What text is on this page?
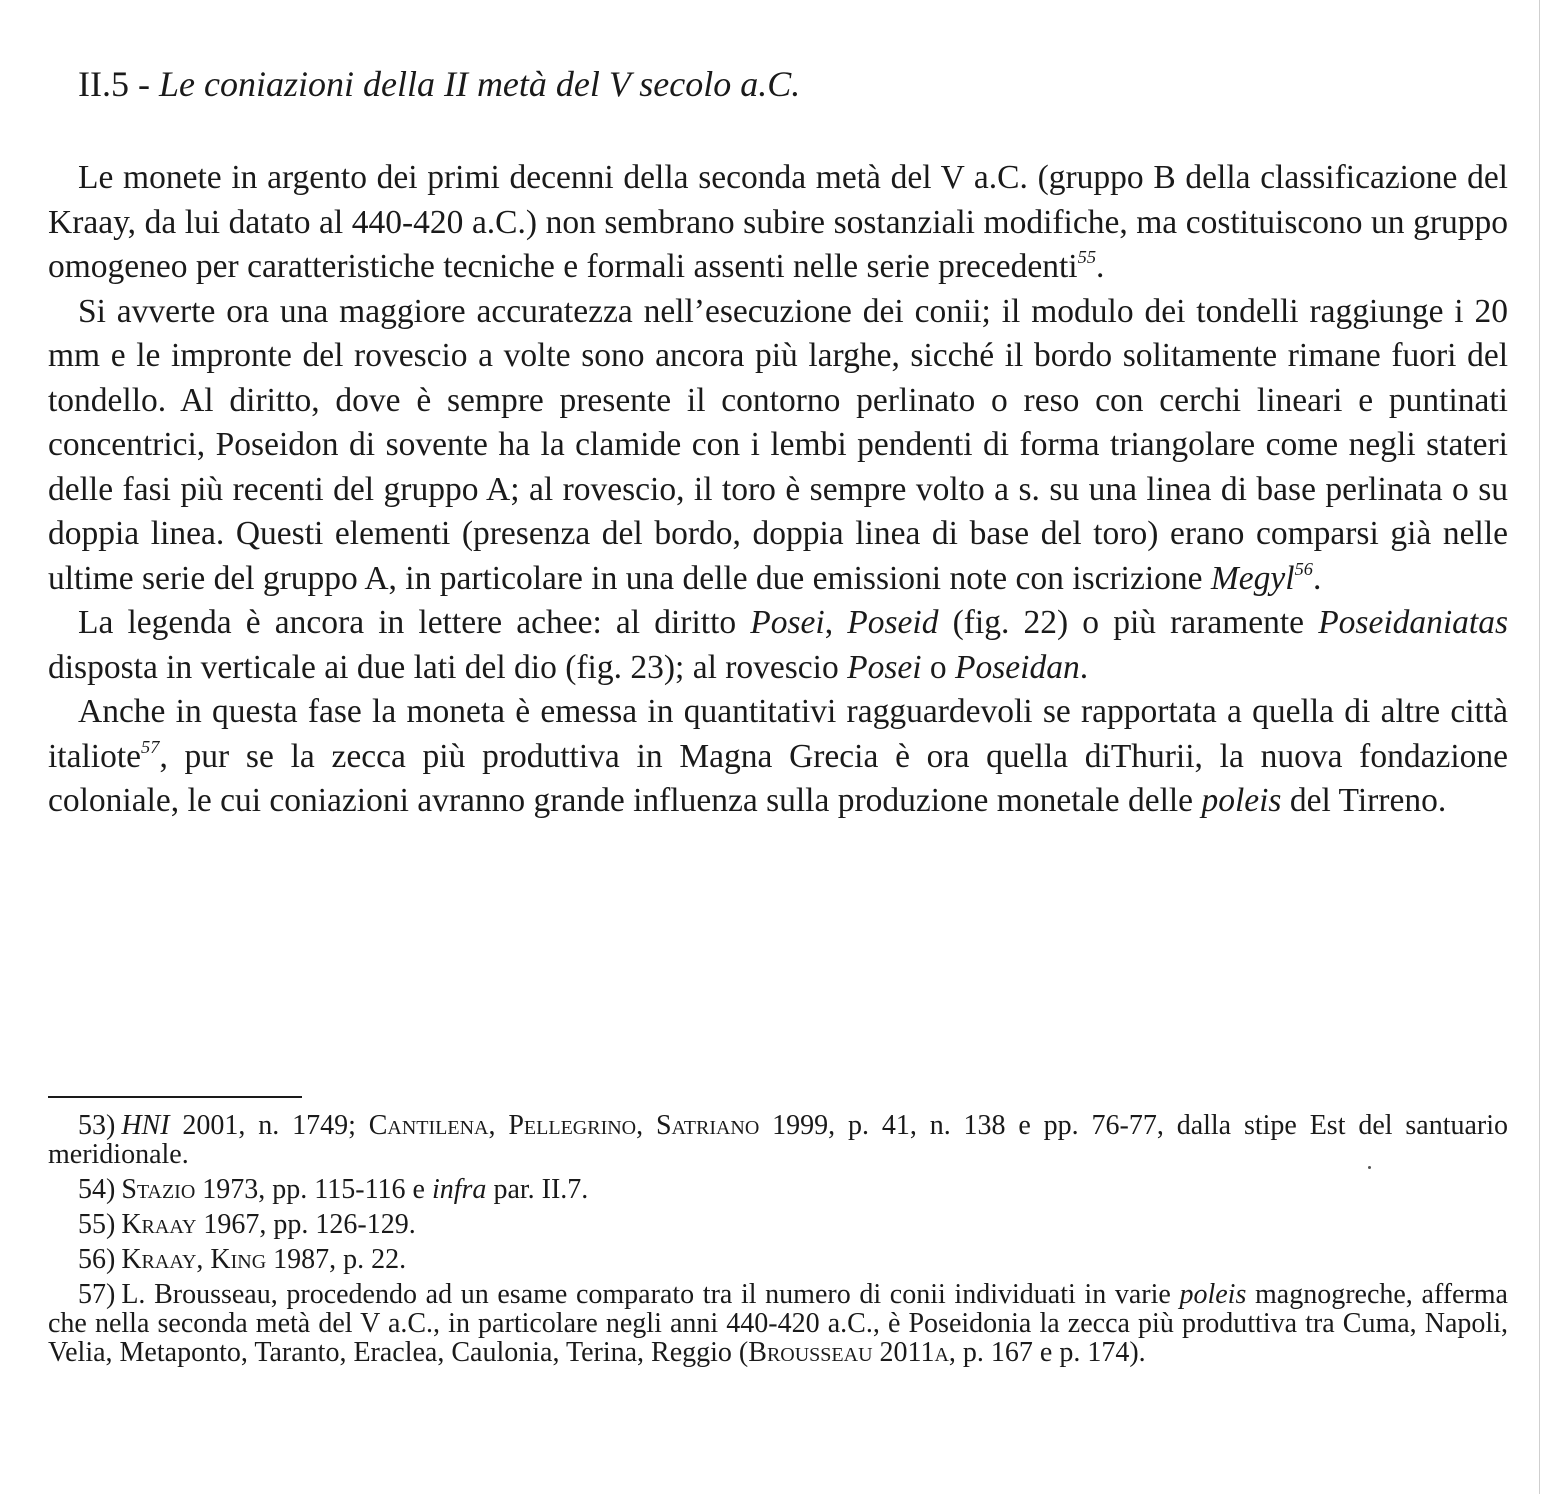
II.5 - Le coniazioni della II metà del V secolo a.C.

Le monete in argento dei primi decenni della seconda metà del V a.C. (gruppo B della classificazione del Kraay, da lui datato al 440-420 a.C.) non sembrano subire sostanziali modifiche, ma costituiscono un gruppo omogeneo per caratteristiche tecniche e formali assenti nelle serie precedenti$^{55}$.

Si avverte ora una maggiore accuratezza nell’esecuzione dei conii; il modulo dei tondelli raggiunge i 20 mm e le impronte del rovescio a volte sono ancora più larghe, sicché il bordo solitamente rimane fuori del tondello. Al diritto, dove è sempre presente il contorno perlinato o reso con cerchi lineari e puntinati concentrici, Poseidon di sovente ha la clamide con i lembi pendenti di forma triangolare come negli stateri delle fasi più recenti del gruppo A; al rovescio, il toro è sempre volto a s. su una linea di base perlinata o su doppia linea. Questi elementi (presenza del bordo, doppia linea di base del toro) erano comparsi già nelle ultime serie del gruppo A, in particolare in una delle due emissioni note con iscrizione Megyl$^{56}$.

La legenda è ancora in lettere achee: al diritto Posei, Poseid (fig. 22) o più raramente Poseidaniatas disposta in verticale ai due lati del dio (fig. 23); al rovescio Posei o Poseidan.

Anche in questa fase la moneta è emessa in quantitativi ragguardevoli se rapportata a quella di altre città italiote$^{57}$, pur se la zecca più produttiva in Magna Grecia è ora quella diThurii, la nuova fondazione coloniale, le cui coniazioni avranno grande influenza sulla produzione monetale delle poleis del Tirreno.

53) HNI 2001, n. 1749; Cantilena, Pellegrino, Satriano 1999, p. 41, n. 138 e pp. 76-77, dalla stipe Est del santuario meridionale.

54) Stazio 1973, pp. 115-116 e infra par. II.7.

55) Kraay 1967, pp. 126-129.

56) Kraay, King 1987, p. 22.

57) L. Brousseau, procedendo ad un esame comparato tra il numero di conii individuati in varie poleis magnogreche, afferma che nella seconda metà del V a.C., in particolare negli anni 440-420 a.C., è Poseidonia la zecca più produttiva tra Cuma, Napoli, Velia, Metaponto, Taranto, Eraclea, Caulonia, Terina, Reggio (Brousseau 2011a, p. 167 e p. 174).
